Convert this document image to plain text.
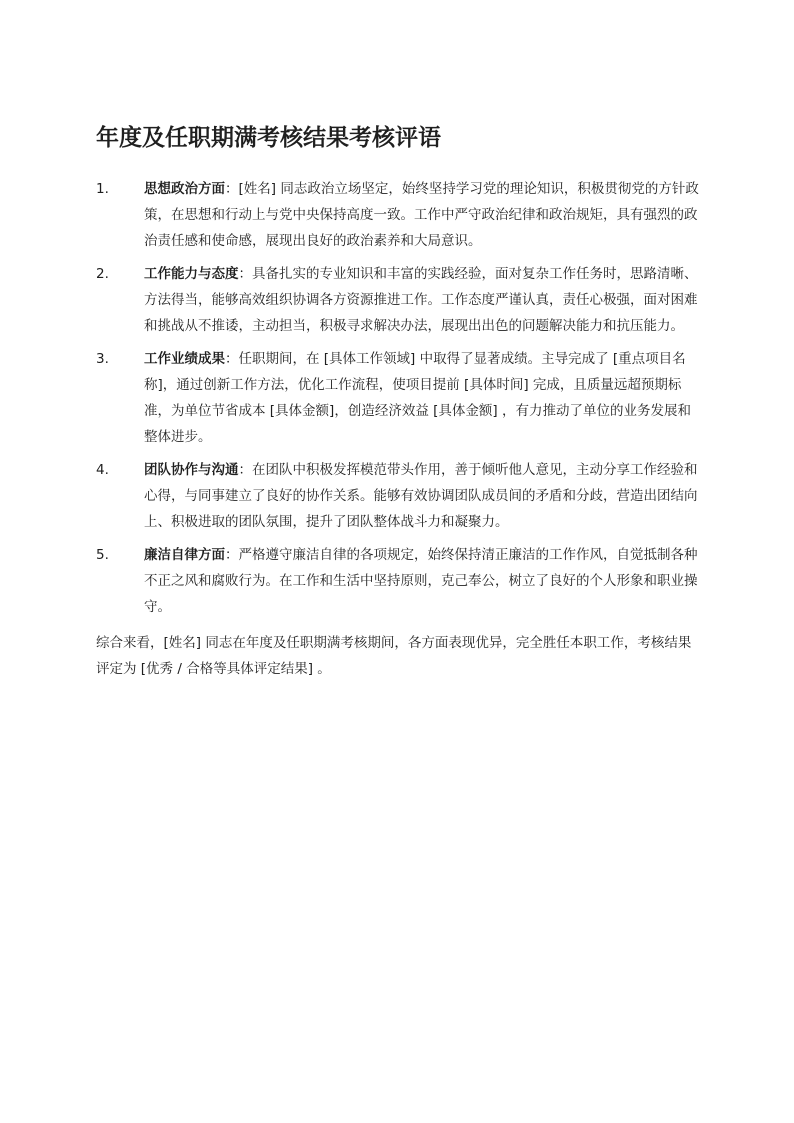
年度及任职期满考核结果考核评语
1.	思想政治方面：[姓名] 同志政治立场坚定，始终坚持学习党的理论知识，积极贯彻党的方针政策，在思想和行动上与党中央保持高度一致。工作中严守政治纪律和政治规矩，具有强烈的政治责任感和使命感，展现出良好的政治素养和大局意识。
2.	工作能力与态度：具备扎实的专业知识和丰富的实践经验，面对复杂工作任务时，思路清晰、方法得当，能够高效组织协调各方资源推进工作。工作态度严谨认真，责任心极强，面对困难和挑战从不推诿，主动担当，积极寻求解决办法，展现出出色的问题解决能力和抗压能力。
3.	工作业绩成果：任职期间，在 [具体工作领域] 中取得了显著成绩。主导完成了 [重点项目名称]，通过创新工作方法，优化工作流程，使项目提前 [具体时间] 完成，且质量远超预期标准，为单位节省成本 [具体金额]，创造经济效益 [具体金额] ，有力推动了单位的业务发展和整体进步。
4.	团队协作与沟通：在团队中积极发挥模范带头作用，善于倾听他人意见，主动分享工作经验和心得，与同事建立了良好的协作关系。能够有效协调团队成员间的矛盾和分歧，营造出团结向上、积极进取的团队氛围，提升了团队整体战斗力和凝聚力。
5.	廉洁自律方面：严格遵守廉洁自律的各项规定，始终保持清正廉洁的工作作风，自觉抵制各种不正之风和腐败行为。在工作和生活中坚持原则，克己奉公，树立了良好的个人形象和职业操守。

综合来看，[姓名] 同志在年度及任职期满考核期间，各方面表现优异，完全胜任本职工作，考核结果评定为 [优秀 / 合格等具体评定结果] 。
